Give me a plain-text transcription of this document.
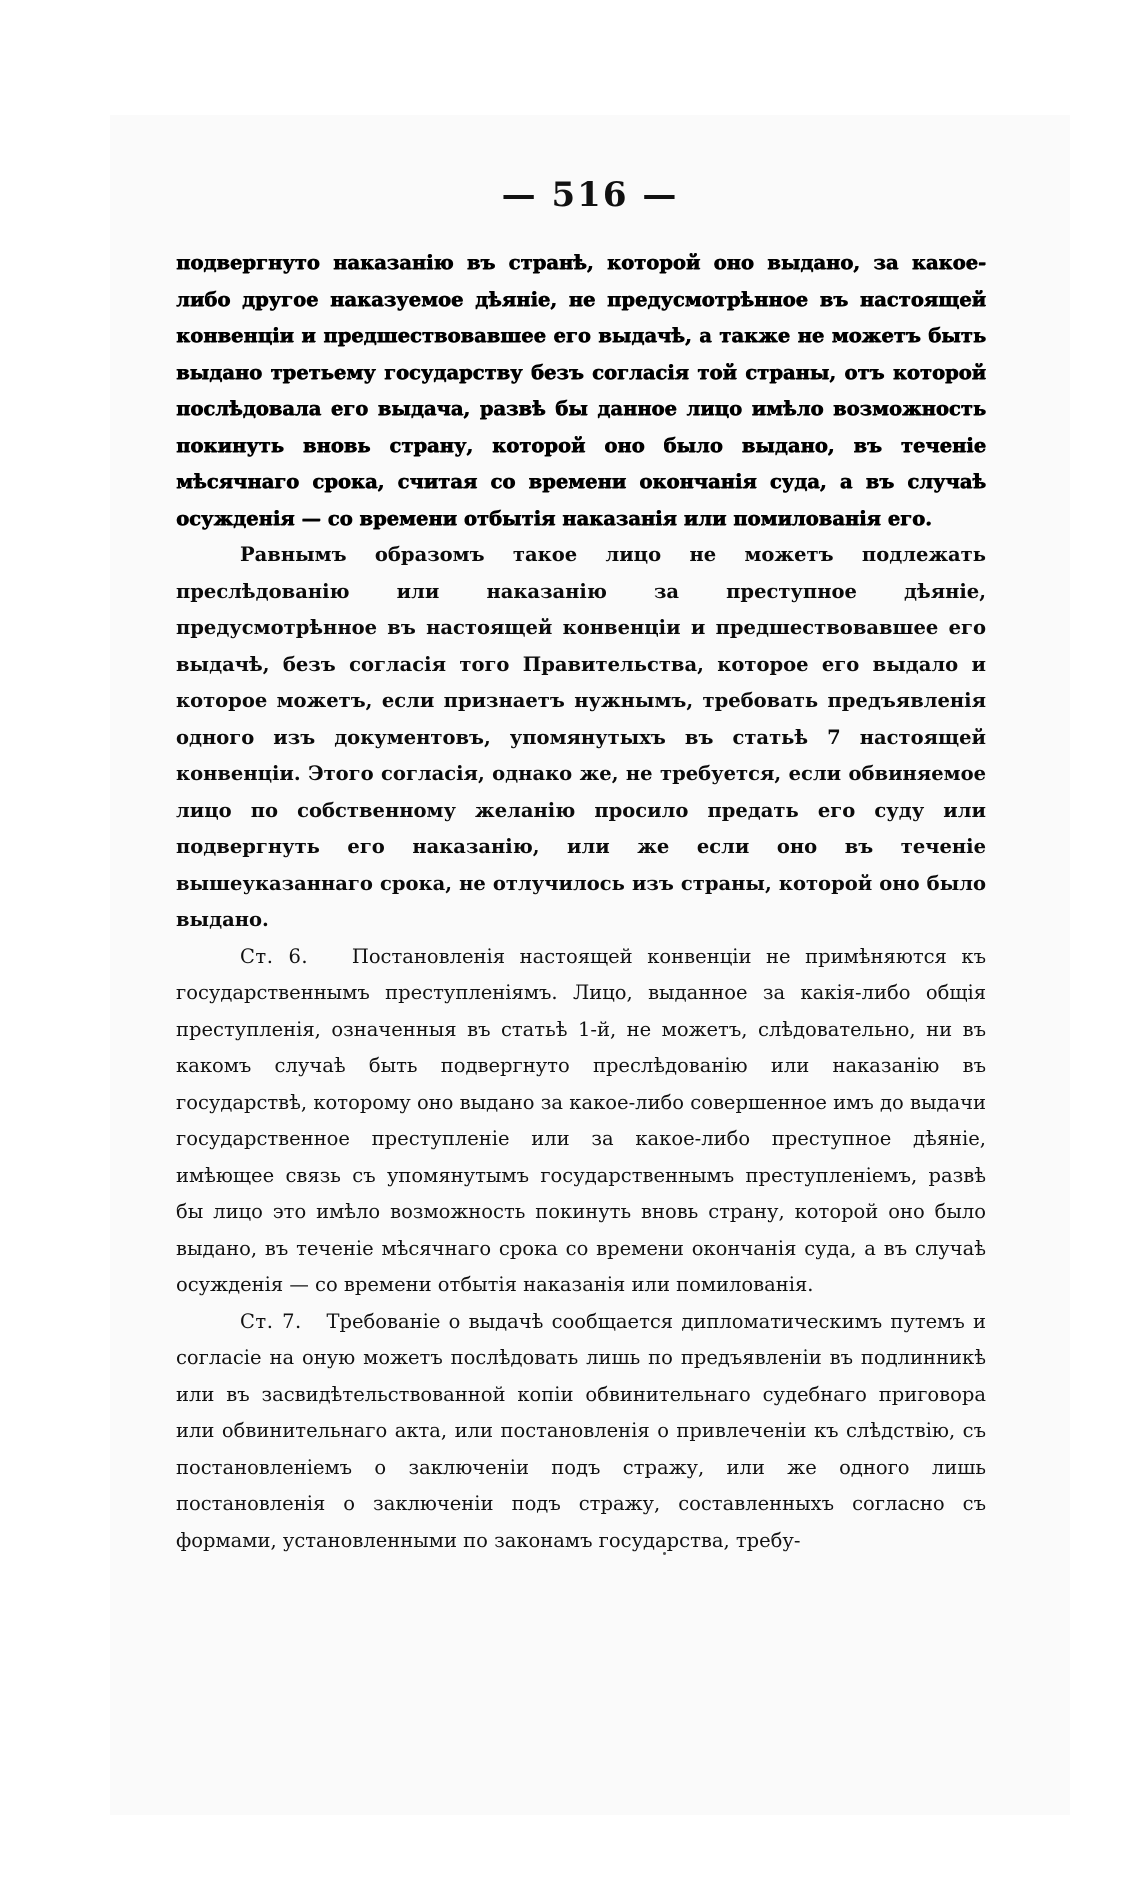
— 516 —

подвергнуто наказанію въ странѣ, которой оно выдано, за какое-либо другое наказуемое дѣяніе, не предусмотрѣнное въ настоящей конвенціи и предшествовавшее его выдачѣ, а также не можетъ быть выдано третьему государству безъ согласія той страны, отъ которой послѣдовала его выдача, развѣ бы данное лицо имѣло возможность покинуть вновь страну, которой оно было выдано, въ теченіе мѣсячнаго срока, считая со времени окончанія суда, а въ случаѣ осужденія — со времени отбытія наказанія или помилованія его.

Равнымъ образомъ такое лицо не можетъ подлежать преслѣдованію или наказанію за преступное дѣяніе, предусмотрѣнное въ настоящей конвенціи и предшествовавшее его выдачѣ, безъ согласія того Правительства, которое его выдало и которое можетъ, если признаетъ нужнымъ, требовать предъявленія одного изъ документовъ, упомянутыхъ въ статьѣ 7 настоящей конвенціи. Этого согласія, однако же, не требуется, если обвиняемое лицо по собственному желанію просило предать его суду или подвергнуть его наказанію, или же если оно въ теченіе вышеуказаннаго срока, не отлучилось изъ страны, которой оно было выдано.

Ст. 6. Постановленія настоящей конвенціи не примѣняются къ государственнымъ преступленіямъ. Лицо, выданное за какія-либо общія преступленія, означенныя въ статьѣ 1-й, не можетъ, слѣдовательно, ни въ какомъ случаѣ быть подвергнуто преслѣдованію или наказанію въ государствѣ, которому оно выдано за какое-либо совершенное имъ до выдачи государственное преступленіе или за какое-либо преступное дѣяніе, имѣющее связь съ упомянутымъ государственнымъ преступленіемъ, развѣ бы лицо это имѣло возможность покинуть вновь страну, которой оно было выдано, въ теченіе мѣсячнаго срока со времени окончанія суда, а въ случаѣ осужденія — со времени отбытія наказанія или помилованія.

Ст. 7. Требованіе о выдачѣ сообщается дипломатическимъ путемъ и согласіе на оную можетъ послѣдовать лишь по предъявленіи въ подлинникѣ или въ засвидѣтельствованной копіи обвинительнаго судебнаго приговора или обвинительнаго акта, или постановленія о привлеченіи къ слѣдствію, съ постановленіемъ о заключеніи подъ стражу, или же одного лишь постановленія о заключеніи подъ стражу, составленныхъ согласно съ формами, установленными по законамъ государства, требу-
